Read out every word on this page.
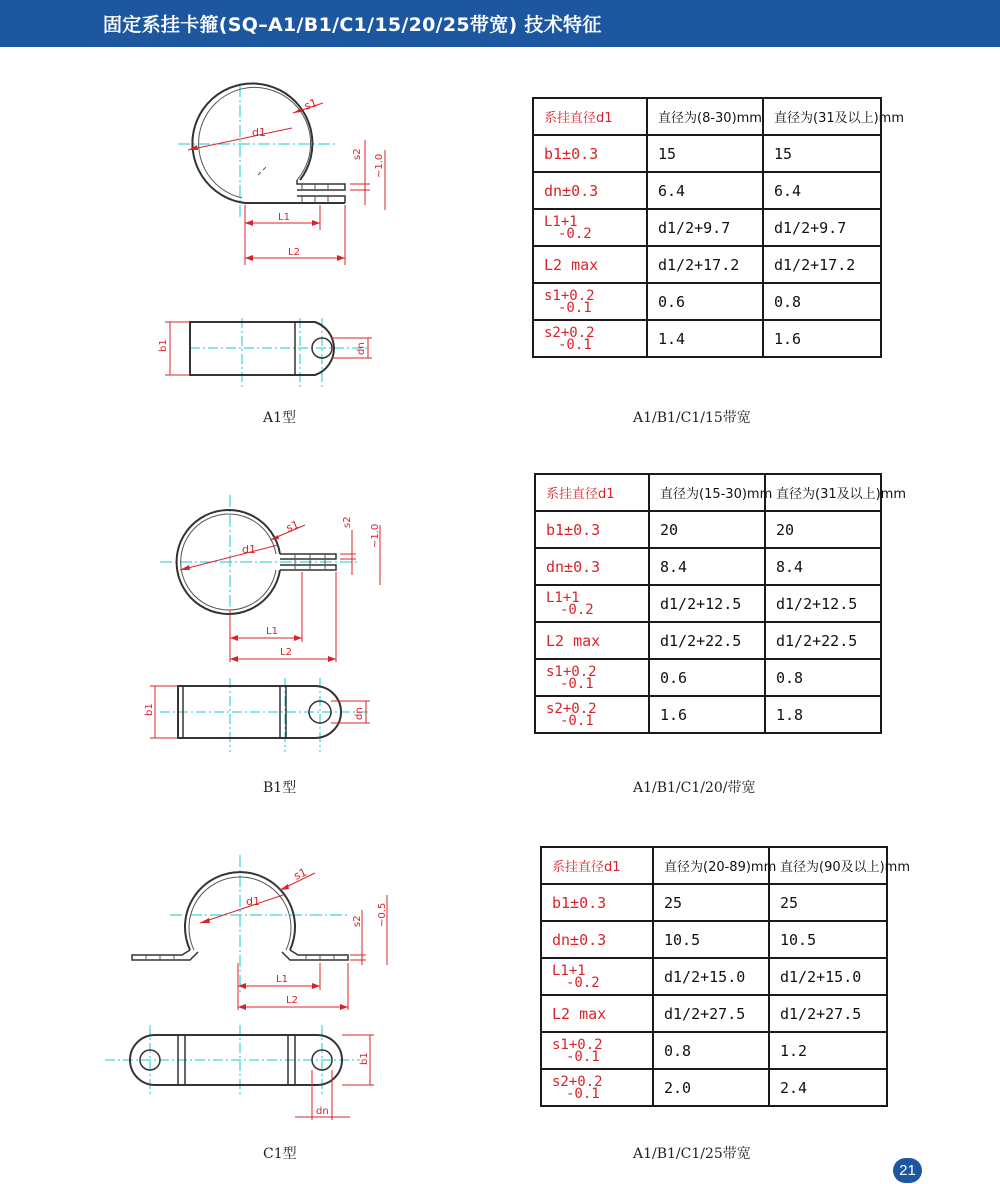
固定系挂卡箍(SQ–A1/B1/C1/15/20/25带宽) 技术特征
d1
s1
s2 ~1.0
L1
L2
b1	dn
A1型
系挂直径d1	直径为(8-30)mm	直径为(31及以上)mm
b1±0.3	15	15
dn±0.3	6.4	6.4
L1+1
-0.2	d1/2+9.7	d1/2+9.7
L2 max	d1/2+17.2	d1/2+17.2
s1+0.2
-0.1	0.6	0.8
s2+0.2
-0.1	1.4	1.6
A1/B1/C1/15带宽
d1
s1	s2
~1.0
L1
L2
b1	dn
B1型
系挂直径d1	直径为(15-30)mm	直径为(31及以上)mm
b1±0.3	20	20
dn±0.3	8.4	8.4
L1+1
-0.2	d1/2+12.5	d1/2+12.5
L2 max	d1/2+22.5	d1/2+22.5
s1+0.2
-0.1	0.6	0.8
s2+0.2
-0.1	1.6	1.8
A1/B1/C1/20/带宽
d1
s1
s2 ~0.5
L1
L2
b1
dn
C1型
系挂直径d1	直径为(20-89)mm	直径为(90及以上)mm
b1±0.3	25	25
dn±0.3	10.5	10.5
L1+1
-0.2	d1/2+15.0	d1/2+15.0
L2 max	d1/2+27.5	d1/2+27.5
s1+0.2
-0.1	0.8	1.2
s2+0.2
-0.1	2.0	2.4
A1/B1/C1/25带宽
21
